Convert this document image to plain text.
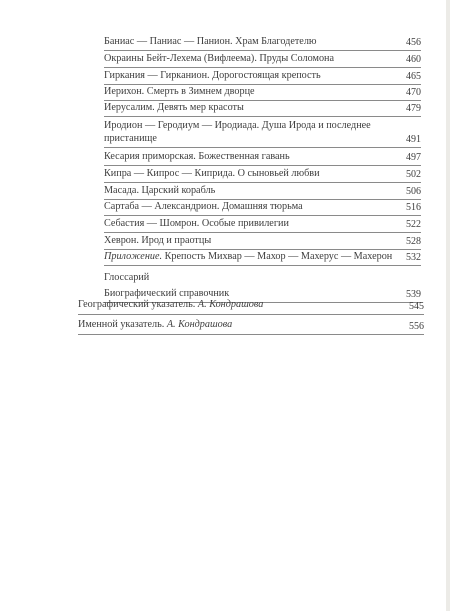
Баниас — Паниас — Панион. Храм Благодетелю	456
Окраины Бейт-Лехема (Вифлеема). Пруды Соломона	460
Гиркания — Гирканион. Дорогостоящая крепость	465
Иерихон. Смерть в Зимнем дворце	470
Иерусалим. Девять мер красоты	479
Иродион — Геродиум — Иродиада. Душа Ирода и последнее
пристанище	491
Кесария приморская. Божественная гавань	497
Кипра — Кипрос — Киприда. О сыновьей любви	502
Масада. Царский корабль	506
Сартаба — Александрион. Домашняя тюрьма	516
Себастия — Шомрон. Особые привилегии	522
Хеврон. Ирод и праотцы	528
Приложение. Крепость Михвар — Махор — Махерус — Махерон 532
Глоссарий
Биографический справочник	539
Географический указатель. А. Кондрашова	545
Именной указатель. А. Кондрашова	556
